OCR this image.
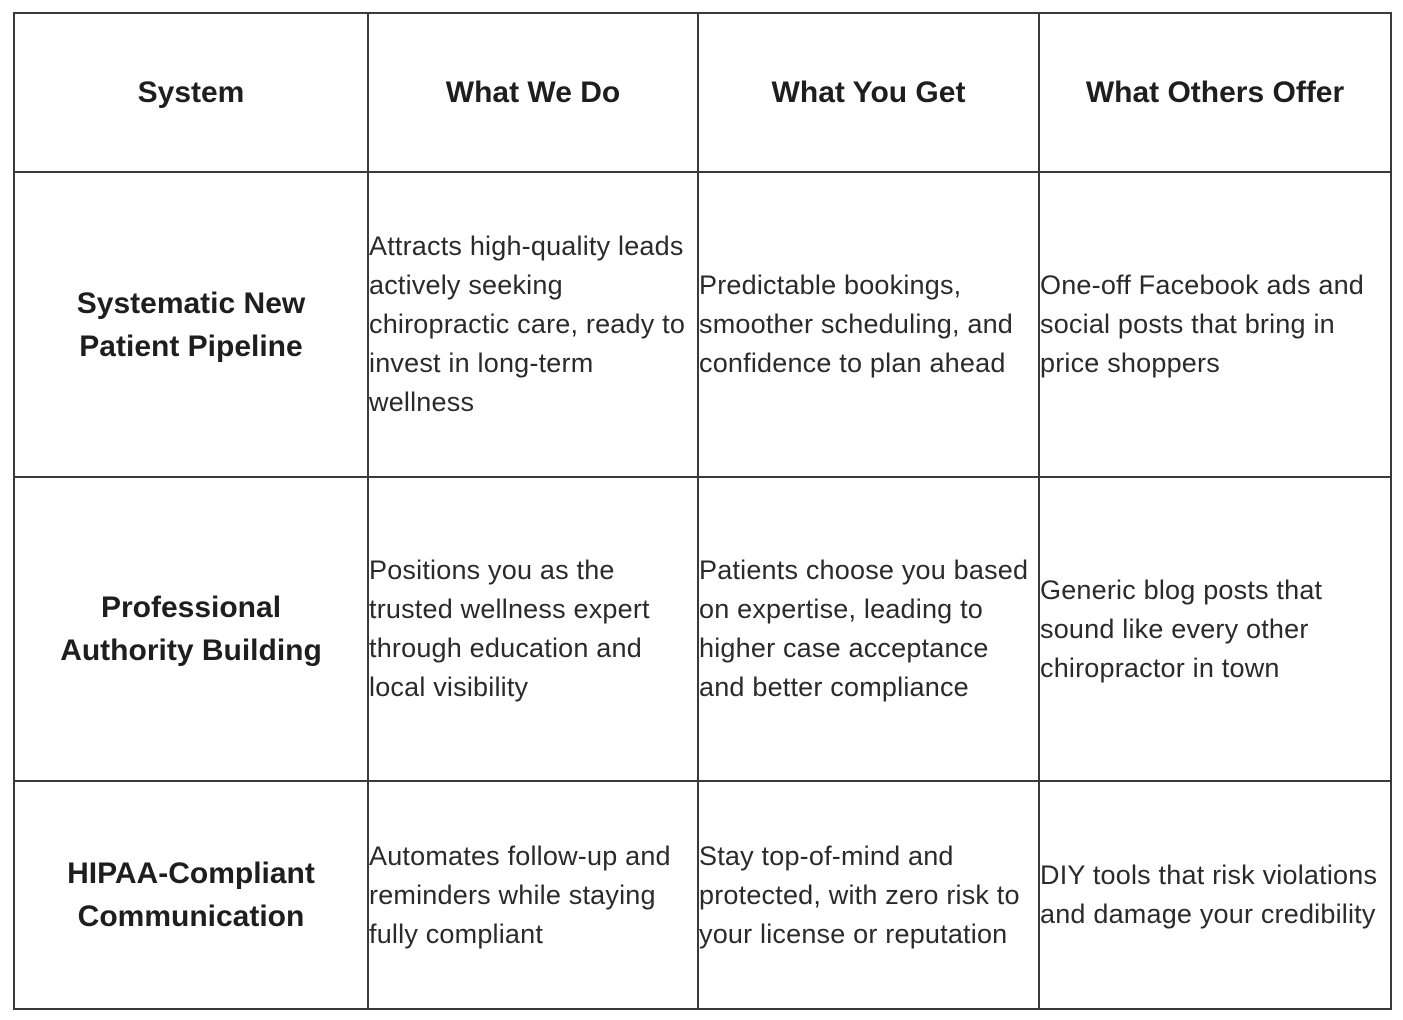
System	What We Do	What You Get	What Others Offer
Systematic New Patient Pipeline	Attracts high-quality leads actively seeking chiropractic care, ready to invest in long-term wellness	Predictable bookings, smoother scheduling, and confidence to plan ahead	One-off Facebook ads and social posts that bring in price shoppers
Professional Authority Building	Positions you as the trusted wellness expert through education and local visibility	Patients choose you based on expertise, leading to higher case acceptance and better compliance	Generic blog posts that sound like every other chiropractor in town
HIPAA-Compliant Communication	Automates follow-up and reminders while staying fully compliant	Stay top-of-mind and protected, with zero risk to your license or reputation	DIY tools that risk violations and damage your credibility
